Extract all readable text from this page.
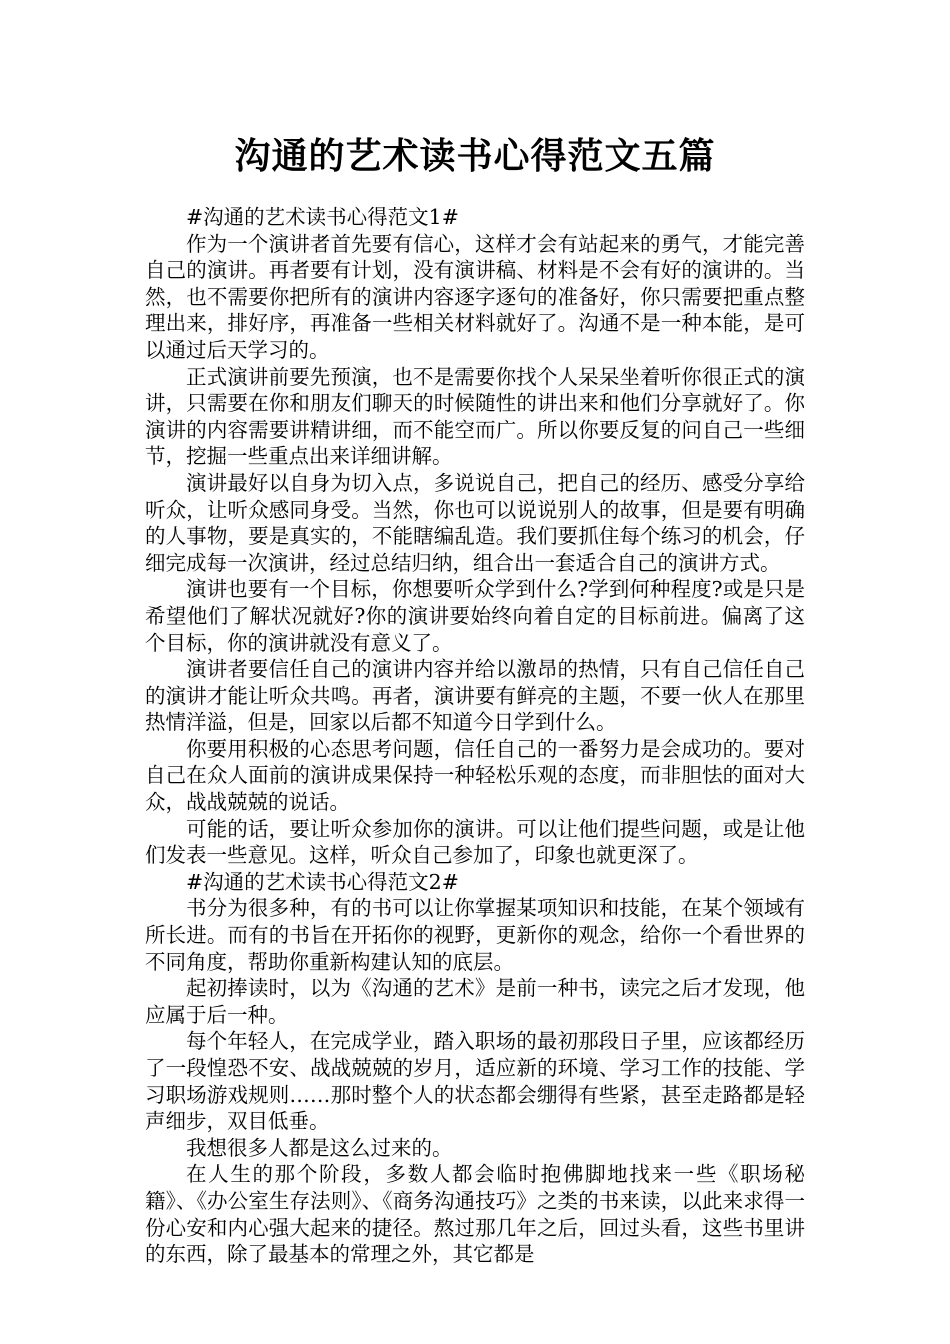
沟通的艺术读书心得范文五篇

#沟通的艺术读书心得范文1#

作为一个演讲者首先要有信心，这样才会有站起来的勇气，才能完善自己的演讲。再者要有计划，没有演讲稿、材料是不会有好的演讲的。当然，也不需要你把所有的演讲内容逐字逐句的准备好，你只需要把重点整理出来，排好序，再准备一些相关材料就好了。沟通不是一种本能，是可以通过后天学习的。

正式演讲前要先预演，也不是需要你找个人呆呆坐着听你很正式的演讲，只需要在你和朋友们聊天的时候随性的讲出来和他们分享就好了。你演讲的内容需要讲精讲细，而不能空而广。所以你要反复的问自己一些细节，挖掘一些重点出来详细讲解。

演讲最好以自身为切入点，多说说自己，把自己的经历、感受分享给听众，让听众感同身受。当然，你也可以说说别人的故事，但是要有明确的人事物，要是真实的，不能瞎编乱造。我们要抓住每个练习的机会，仔细完成每一次演讲，经过总结归纳，组合出一套适合自己的演讲方式。

演讲也要有一个目标，你想要听众学到什么?学到何种程度?或是只是希望他们了解状况就好?你的演讲要始终向着自定的目标前进。偏离了这个目标，你的演讲就没有意义了。

演讲者要信任自己的演讲内容并给以激昂的热情，只有自己信任自己的演讲才能让听众共鸣。再者，演讲要有鲜亮的主题，不要一伙人在那里热情洋溢，但是，回家以后都不知道今日学到什么。

你要用积极的心态思考问题，信任自己的一番努力是会成功的。要对自己在众人面前的演讲成果保持一种轻松乐观的态度，而非胆怯的面对大众，战战兢兢的说话。

可能的话，要让听众参加你的演讲。可以让他们提些问题，或是让他们发表一些意见。这样，听众自己参加了，印象也就更深了。

#沟通的艺术读书心得范文2#

书分为很多种，有的书可以让你掌握某项知识和技能，在某个领域有所长进。而有的书旨在开拓你的视野，更新你的观念，给你一个看世界的不同角度，帮助你重新构建认知的底层。

起初捧读时，以为《沟通的艺术》是前一种书，读完之后才发现，他应属于后一种。

每个年轻人，在完成学业，踏入职场的最初那段日子里，应该都经历了一段惶恐不安、战战兢兢的岁月，适应新的环境、学习工作的技能、学习职场游戏规则……那时整个人的状态都会绷得有些紧，甚至走路都是轻声细步，双目低垂。

我想很多人都是这么过来的。

在人生的那个阶段，多数人都会临时抱佛脚地找来一些《职场秘籍》、《办公室生存法则》、《商务沟通技巧》之类的书来读，以此来求得一份心安和内心强大起来的捷径。熬过那几年之后，回过头看，这些书里讲的东西，除了最基本的常理之外，其它都是
